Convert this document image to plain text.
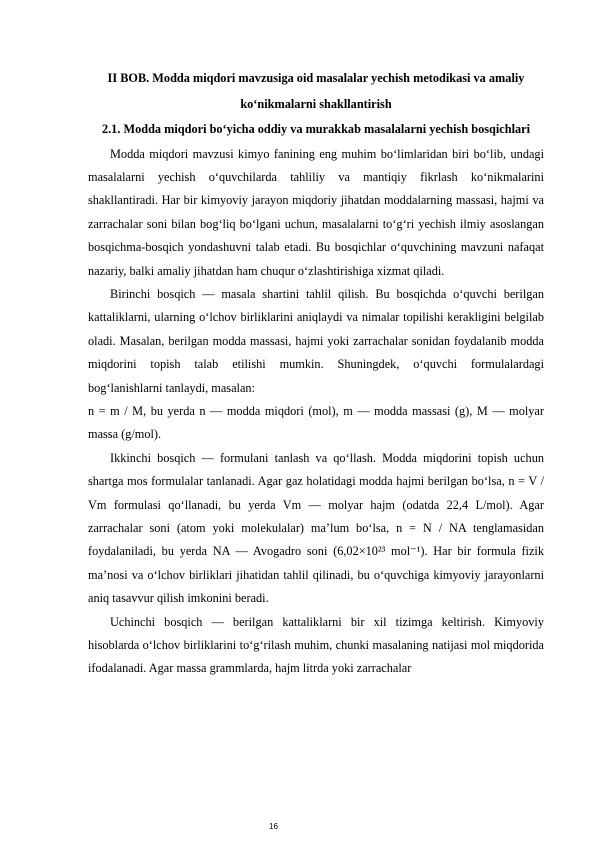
II BOB. Modda miqdori mavzusiga oid masalalar yechish metodikasi va amaliy ko‘nikmalarni shakllantirish

2.1. Modda miqdori bo‘yicha oddiy va murakkab masalalarni yechish bosqichlari

Modda miqdori mavzusi kimyo fanining eng muhim bo‘limlaridan biri bo‘lib, undagi masalalarni yechish o‘quvchilarda tahliliy va mantiqiy fikrlash ko‘nikmalarini shakllantiradi. Har bir kimyoviy jarayon miqdoriy jihatdan moddalarning massasi, hajmi va zarrachalar soni bilan bog‘liq bo‘lgani uchun, masalalarni to‘g‘ri yechish ilmiy asoslangan bosqichma-bosqich yondashuvni talab etadi. Bu bosqichlar o‘quvchining mavzuni nafaqat nazariy, balki amaliy jihatdan ham chuqur o‘zlashtirishiga xizmat qiladi.

Birinchi bosqich — masala shartini tahlil qilish. Bu bosqichda o‘quvchi berilgan kattaliklarni, ularning o‘lchov birliklarini aniqlaydi va nimalar topilishi kerakligini belgilab oladi. Masalan, berilgan modda massasi, hajmi yoki zarrachalar sonidan foydalanib modda miqdorini topish talab etilishi mumkin. Shuningdek, o‘quvchi formulalardagi bog‘lanishlarni tanlaydi, masalan:

n = m / M, bu yerda n — modda miqdori (mol), m — modda massasi (g), M — molyar massa (g/mol).

Ikkinchi bosqich — formulani tanlash va qo‘llash. Modda miqdorini topish uchun shartga mos formulalar tanlanadi. Agar gaz holatidagi modda hajmi berilgan bo‘lsa, n = V / Vm formulasi qo‘llanadi, bu yerda Vm — molyar hajm (odatda 22,4 L/mol). Agar zarrachalar soni (atom yoki molekulalar) ma’lum bo‘lsa, n = N / NA tenglamasidan foydalaniladi, bu yerda NA — Avogadro soni (6,02×10²³ mol⁻¹). Har bir formula fizik ma’nosi va o‘lchov birliklari jihatidan tahlil qilinadi, bu o‘quvchiga kimyoviy jarayonlarni aniq tasavvur qilish imkonini beradi.

Uchinchi bosqich — berilgan kattaliklarni bir xil tizimga keltirish. Kimyoviy hisoblarda o‘lchov birliklarini to‘g‘rilash muhim, chunki masalaning natijasi mol miqdorida ifodalanadi. Agar massa grammlarda, hajm litrda yoki zarrachalar

16
